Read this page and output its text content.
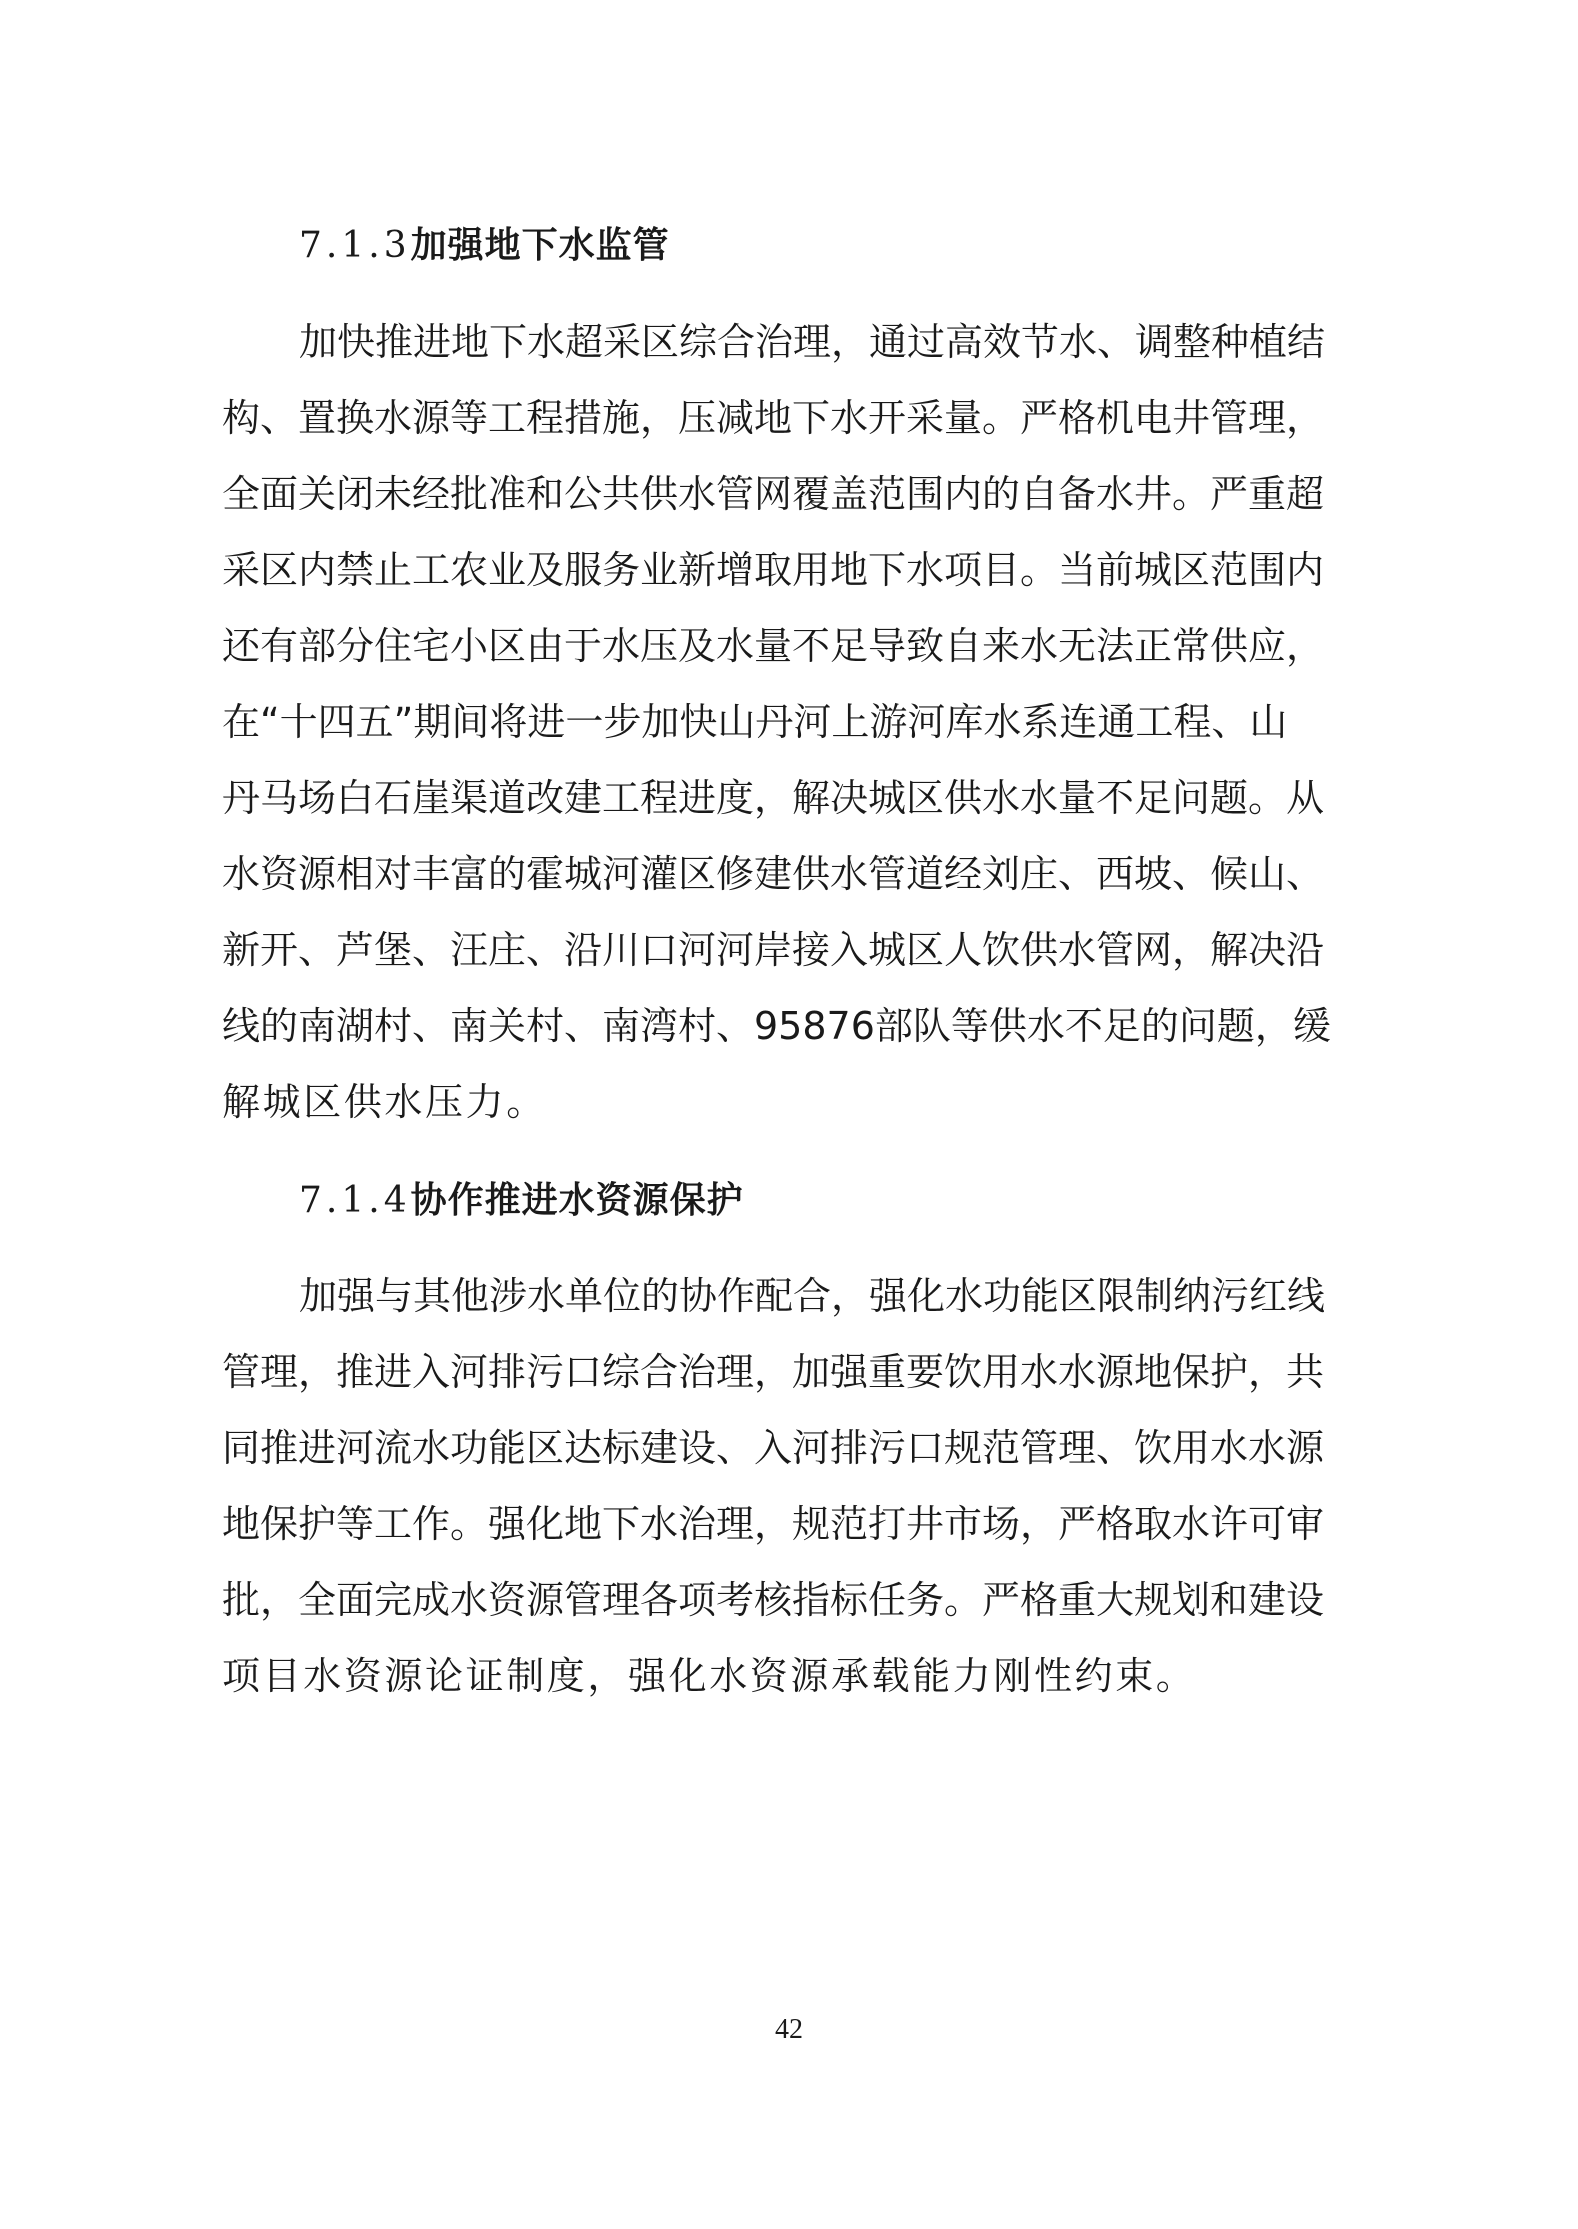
7.1.3加强地下水监管
加快推进地下水超采区综合治理，通过高效节水、调整种植结
构、置换水源等工程措施，压减地下水开采量。严格机电井管理，
全面关闭未经批准和公共供水管网覆盖范围内的自备水井。严重超
采区内禁止工农业及服务业新增取用地下水项目。当前城区范围内
还有部分住宅小区由于水压及水量不足导致自来水无法正常供应，
在“十四五”期间将进一步加快山丹河上游河库水系连通工程、山
丹马场白石崖渠道改建工程进度，解决城区供水水量不足问题。从
水资源相对丰富的霍城河灌区修建供水管道经刘庄、西坡、候山、
新开、芦堡、汪庄、沿川口河河岸接入城区人饮供水管网，解决沿
线的南湖村、南关村、南湾村、95876部队等供水不足的问题，缓
解城区供水压力。
7.1.4协作推进水资源保护
加强与其他涉水单位的协作配合，强化水功能区限制纳污红线
管理，推进入河排污口综合治理，加强重要饮用水水源地保护，共
同推进河流水功能区达标建设、入河排污口规范管理、饮用水水源
地保护等工作。强化地下水治理，规范打井市场，严格取水许可审
批，全面完成水资源管理各项考核指标任务。严格重大规划和建设
项目水资源论证制度，强化水资源承载能力刚性约束。
42
